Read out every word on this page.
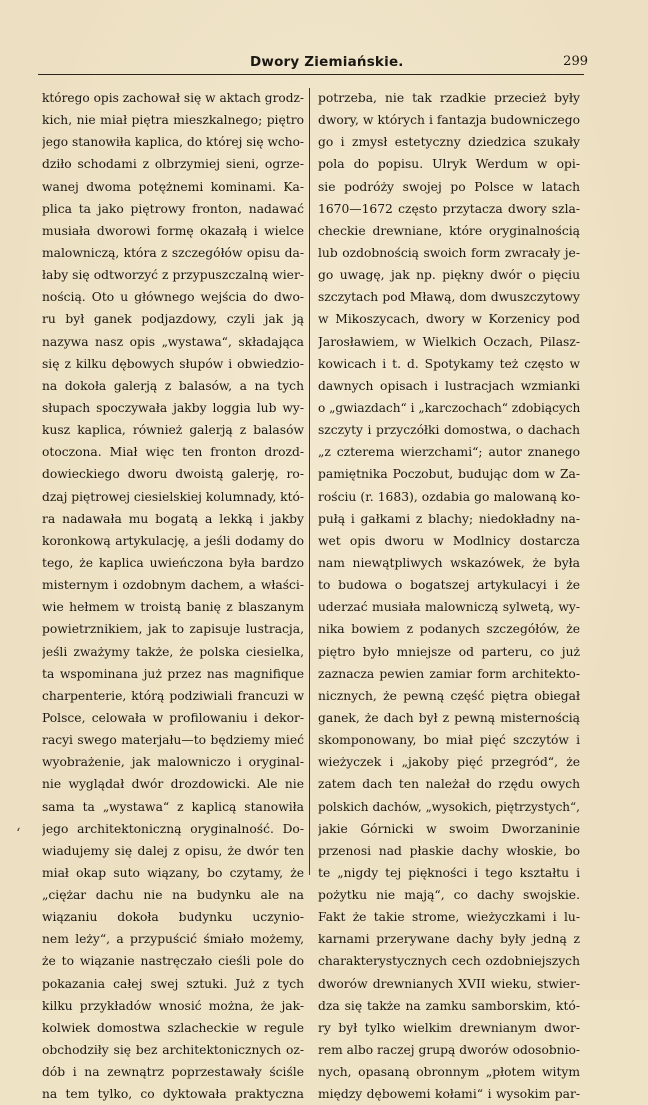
Dwory Ziemiańskie.	299
którego opis zachował się w aktach grodz-
kich, nie miał piętra mieszkalnego; piętro
jego stanowiła kaplica, do której się wcho-
dziło schodami z olbrzymiej sieni, ogrze-
wanej dwoma potężnemi kominami. Ka-
plica ta jako piętrowy fronton, nadawać
musiała dworowi formę okazałą i wielce
malowniczą, która z szczegółów opisu da-
łaby się odtworzyć z przypuszczalną wier-
nością. Oto u głównego wejścia do dwo-
ru był ganek podjazdowy, czyli jak ją
nazywa nasz opis „wystawa“, składająca
się z kilku dębowych słupów i obwiedzio-
na dokoła galerją z balasów, a na tych
słupach spoczywała jakby loggia lub wy-
kusz kaplica, również galerją z balasów
otoczona. Miał więc ten fronton drozd-
dowieckiego dworu dwoistą galerję, ro-
dzaj piętrowej ciesielskiej kolumnady, któ-
ra nadawała mu bogatą a lekką i jakby
koronkową artykulację, a jeśli dodamy do
tego, że kaplica uwieńczona była bardzo
misternym i ozdobnym dachem, a właści-
wie hełmem w troistą banię z blaszanym
powietrznikiem, jak to zapisuje lustracja,
jeśli zważymy także, że polska ciesielka,
ta wspominana już przez nas magnifique
charpenterie, którą podziwiali francuzi w
Polsce, celowała w profilowaniu i dekor-
racyi swego materjału—to będziemy mieć
wyobrażenie, jak malowniczo i oryginal-
nie wyglądał dwór drozdowicki. Ale nie
sama ta „wystawa“ z kaplicą stanowiła
jego architektoniczną oryginalność. Do-
wiadujemy się dalej z opisu, że dwór ten
miał okap suto wiązany, bo czytamy, że
„ciężar dachu nie na budynku ale na
wiązaniu dokoła budynku uczynio-
nem leży“, a przypuścić śmiało możemy,
że to wiązanie nastręczało cieśli pole do
pokazania całej swej sztuki. Już z tych
kilku przykładów wnosić można, że jak-
kolwiek domostwa szlacheckie w regule
obchodziły się bez architektonicznych oz-
dób i na zewnątrz poprzestawały ściśle
na tem tylko, co dyktowała praktyczna
potrzeba, nie tak rzadkie przecież były
dwory, w których i fantazja budowniczego
go i zmysł estetyczny dziedzica szukały
pola do popisu. Ulryk Werdum w opi-
sie podróży swojej po Polsce w latach
1670—1672 często przytacza dwory szla-
checkie drewniane, które oryginalnością
lub ozdobnością swoich form zwracały je-
go uwagę, jak np. piękny dwór o pięciu
szczytach pod Mławą, dom dwuszczytowy
w Mikoszycach, dwory w Korzenicy pod
Jarosławiem, w Wielkich Oczach, Pilasz-
kowicach i t. d. Spotykamy też często w
dawnych opisach i lustracjach wzmianki
o „gwiazdach“ i „karczochach“ zdobiących
szczyty i przyczółki domostwa, o dachach
„z czterema wierzchami“; autor znanego
pamiętnika Poczobut, budując dom w Za-
rościu (r. 1683), ozdabia go malowaną ko-
pułą i gałkami z blachy; niedokładny na-
wet opis dworu w Modlnicy dostarcza
nam niewątpliwych wskazówek, że była
to budowa o bogatszej artykulacyi i że
uderzać musiała malowniczą sylwetą, wy-
nika bowiem z podanych szczegółów, że
piętro było mniejsze od parteru, co już
zaznacza pewien zamiar form architekto-
nicznych, że pewną część piętra obiegał
ganek, że dach był z pewną misternością
skomponowany, bo miał pięć szczytów i
wieżyczek i „jakoby pięć przegród“, że
zatem dach ten należał do rzędu owych
polskich dachów, „wysokich, piętrzystych“,
jakie Górnicki w swoim Dworzaninie
przenosi nad płaskie dachy włoskie, bo
te „nigdy tej piękności i tego kształtu i
pożytku nie mają“, co dachy swojskie.
Fakt że takie strome, wieżyczkami i lu-
karnami przerywane dachy były jedną z
charakterystycznych cech ozdobniejszych
dworów drewnianych XVII wieku, stwier-
dza się także na zamku samborskim, któ-
ry był tylko wielkim drewnianym dwor-
rem albo raczej grupą dworów odosobnio-
nych, opasaną obronnym „płotem witym
między dębowemi kołami“ i wysokim par-
‘
